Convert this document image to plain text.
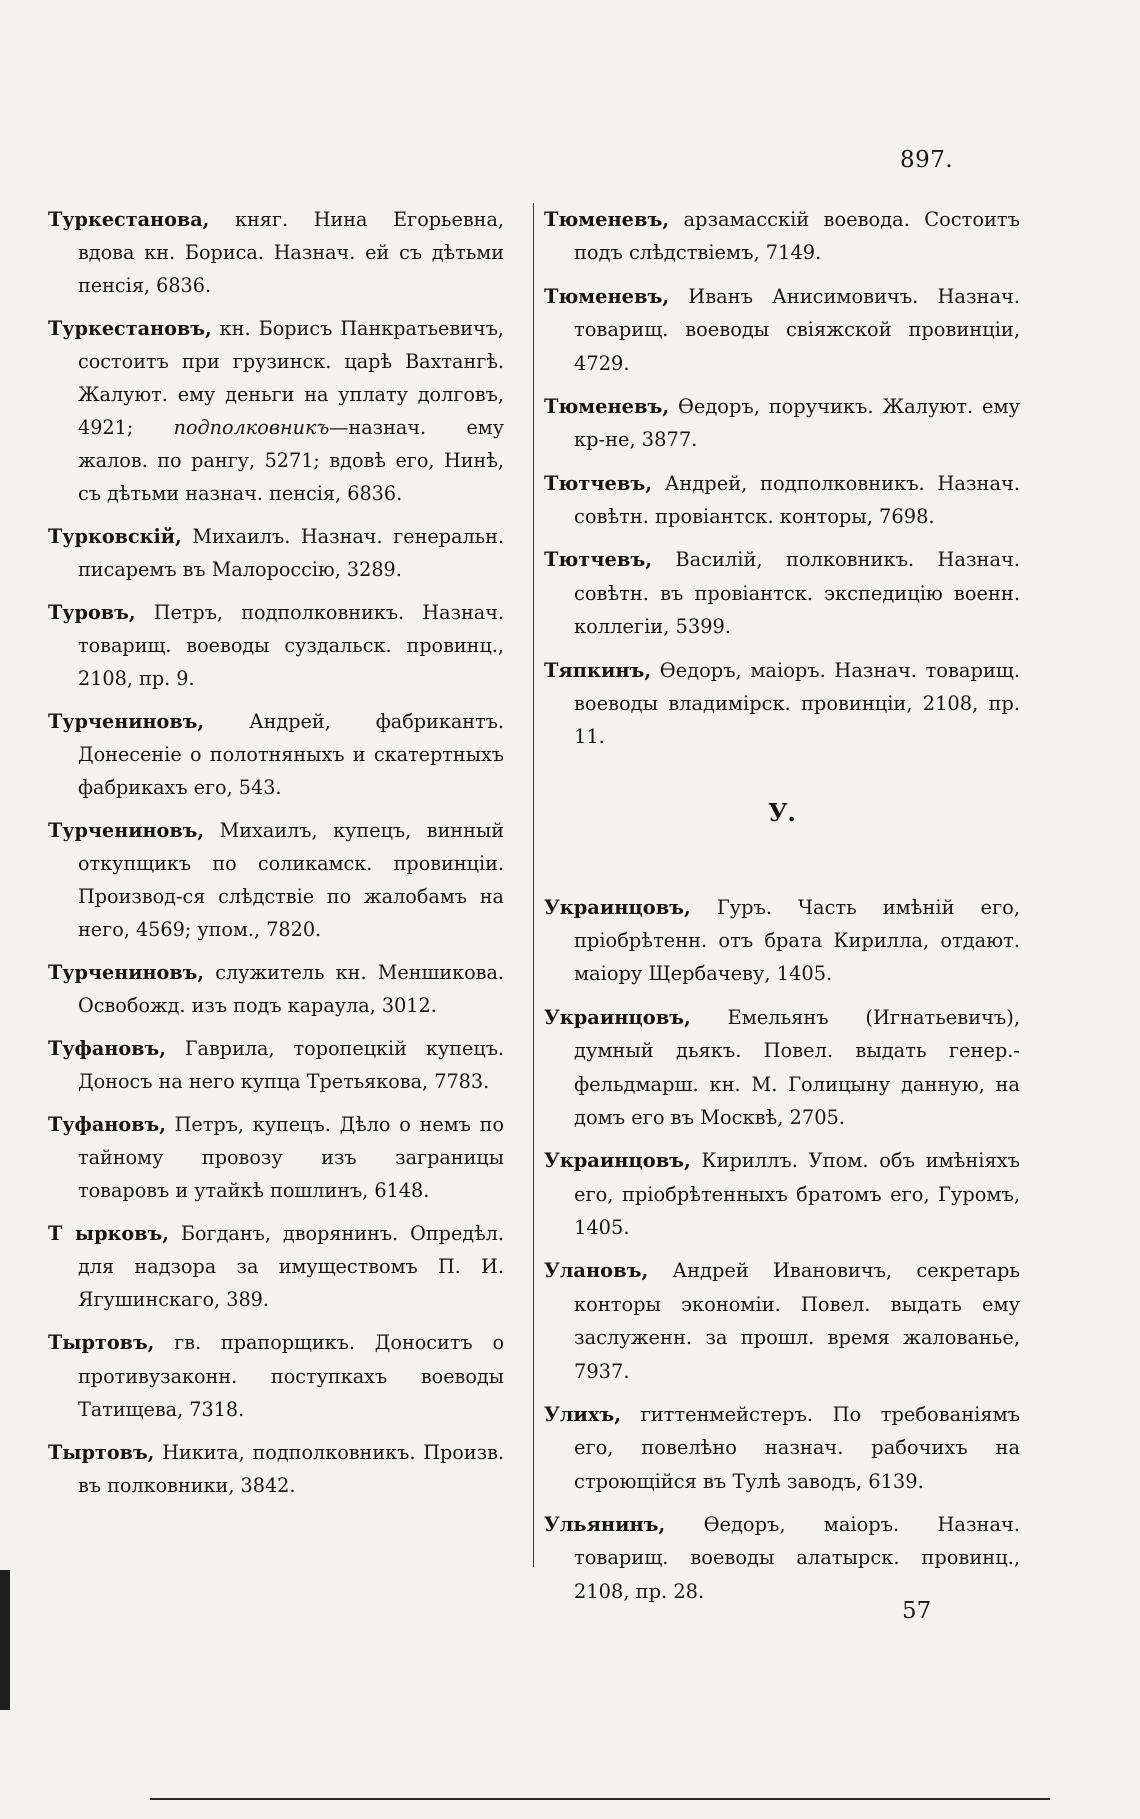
897.

Туркестанова, княг. Нина Егорьевна, вдова кн. Бориса. Назнач. ей съ дѣтьми пенсія, 6836.

Туркестановъ, кн. Борисъ Панкратьевичъ, состоитъ при грузинск. царѣ Вахтангѣ. Жалуют. ему деньги на уплату долговъ, 4921; подполковникъ—назнач. ему жалов. по рангу, 5271; вдовѣ его, Нинѣ, съ дѣтьми назнач. пенсія, 6836.

Турковскій, Михаилъ. Назнач. генеральн. писаремъ въ Малороссію, 3289.

Туровъ, Петръ, подполковникъ. Назнач. товарищ. воеводы суздальск. провинц., 2108, пр. 9.

Турчениновъ, Андрей, фабрикантъ. Донесеніе о полотняныхъ и скатертныхъ фабрикахъ его, 543.

Турчениновъ, Михаилъ, купецъ, винный откупщикъ по соликамск. провинціи. Производ-ся слѣдствіе по жалобамъ на него, 4569; упом., 7820.

Турчениновъ, служитель кн. Меншикова. Освобожд. изъ подъ караула, 3012.

Туфановъ, Гаврила, торопецкій купецъ. Доносъ на него купца Третьякова, 7783.

Туфановъ, Петръ, купецъ. Дѣло о немъ по тайному провозу изъ заграницы товаровъ и утайкѣ пошлинъ, 6148.

Т ырковъ, Богданъ, дворянинъ. Опредѣл. для надзора за имуществомъ П. И. Ягушинскаго, 389.

Тыртовъ, гв. прапорщикъ. Доноситъ о противузаконн. поступкахъ воеводы Татищева, 7318.

Тыртовъ, Никита, подполковникъ. Произв. въ полковники, 3842.

Тюменевъ, арзамасскій воевода. Состоитъ подъ слѣдствіемъ, 7149.

Тюменевъ, Иванъ Анисимовичъ. Назнач. товарищ. воеводы свіяжской провинціи, 4729.

Тюменевъ, Өедоръ, поручикъ. Жалуют. ему кр-не, 3877.

Тютчевъ, Андрей, подполковникъ. Назнач. совѣтн. провіантск. конторы, 7698.

Тютчевъ, Василій, полковникъ. Назнач. совѣтн. въ провіантск. экспедицію военн. коллегіи, 5399.

Тяпкинъ, Өедоръ, маіоръ. Назнач. товарищ. воеводы владимірск. провинціи, 2108, пр. 11.

У.

Украинцовъ, Гуръ. Часть имѣній его, пріобрѣтенн. отъ брата Кирилла, отдают. маіору Щербачеву, 1405.

Украинцовъ, Емельянъ (Игнатьевичъ), думный дьякъ. Повел. выдать генер.-фельдмарш. кн. М. Голицыну данную, на домъ его въ Москвѣ, 2705.

Украинцовъ, Кириллъ. Упом. объ имѣніяхъ его, пріобрѣтенныхъ братомъ его, Гуромъ, 1405.

Улановъ, Андрей Ивановичъ, секретарь конторы экономіи. Повел. выдать ему заслуженн. за прошл. время жалованье, 7937.

Улихъ, гиттенмейстеръ. По требованіямъ его, повелѣно назнач. рабочихъ на строющійся въ Тулѣ заводъ, 6139.

Ульянинъ, Өедоръ, маіоръ. Назнач. товарищ. воеводы алатырск. провинц., 2108, пр. 28.

57
